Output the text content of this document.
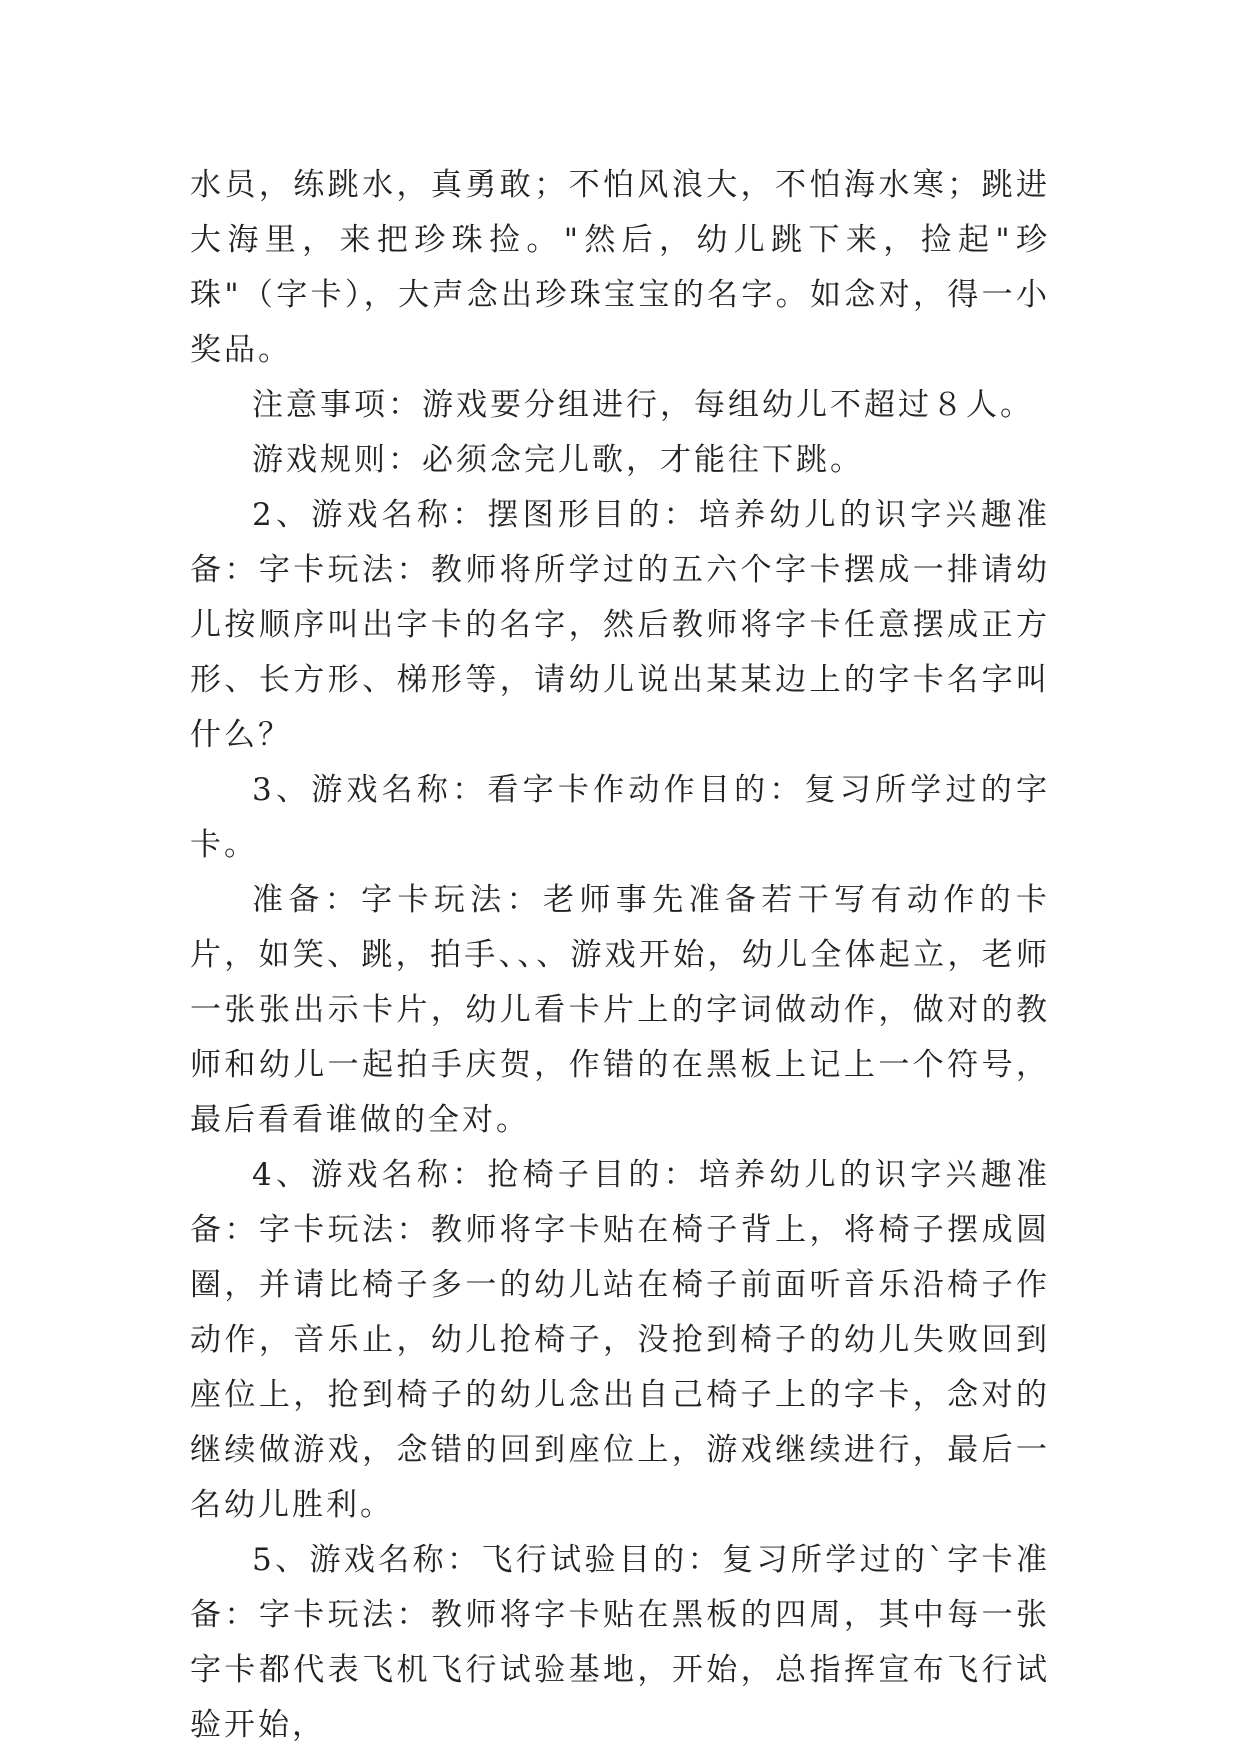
水员，练跳水，真勇敢；不怕风浪大，不怕海水寒；跳进大海里，来把珍珠捡。"然后，幼儿跳下来，捡起"珍珠"（字卡），大声念出珍珠宝宝的名字。如念对，得一小奖品。

注意事项：游戏要分组进行，每组幼儿不超过８人。

游戏规则：必须念完儿歌，才能往下跳。

2、游戏名称：摆图形目的：培养幼儿的识字兴趣准备：字卡玩法：教师将所学过的五六个字卡摆成一排请幼儿按顺序叫出字卡的名字，然后教师将字卡任意摆成正方形、长方形、梯形等，请幼儿说出某某边上的字卡名字叫什么？

3、游戏名称：看字卡作动作目的：复习所学过的字卡。

准备：字卡玩法：老师事先准备若干写有动作的卡片，如笑、跳，拍手、、、游戏开始，幼儿全体起立，老师一张张出示卡片，幼儿看卡片上的字词做动作，做对的教师和幼儿一起拍手庆贺，作错的在黑板上记上一个符号，最后看看谁做的全对。

4、游戏名称：抢椅子目的：培养幼儿的识字兴趣准备：字卡玩法：教师将字卡贴在椅子背上，将椅子摆成圆圈，并请比椅子多一的幼儿站在椅子前面听音乐沿椅子作动作，音乐止，幼儿抢椅子，没抢到椅子的幼儿失败回到座位上，抢到椅子的幼儿念出自己椅子上的字卡，念对的继续做游戏，念错的回到座位上，游戏继续进行，最后一名幼儿胜利。

5、游戏名称：飞行试验目的：复习所学过的`字卡准备：字卡玩法：教师将字卡贴在黑板的四周，其中每一张字卡都代表飞机飞行试验基地，开始，总指挥宣布飞行试验开始，
